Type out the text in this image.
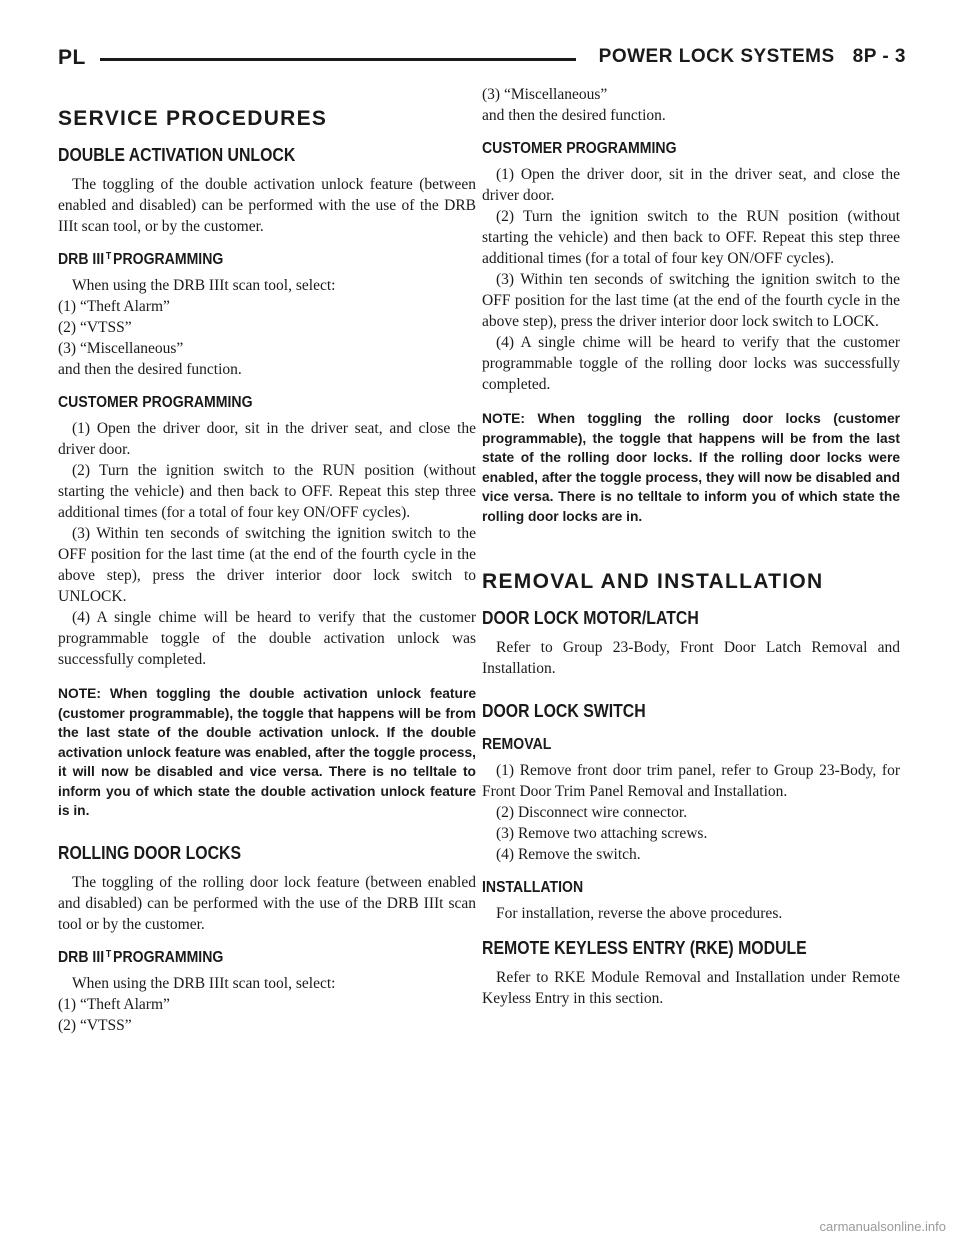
PL	POWER LOCK SYSTEMS 8P - 3
SERVICE PROCEDURES
DOUBLE ACTIVATION UNLOCK

The toggling of the double activation unlock feature (between enabled and disabled) can be performed with the use of the DRB IIIt scan tool, or by the customer.

DRB III $^T$ PROGRAMMING

When using the DRB IIIt scan tool, select:

(1) “Theft Alarm”

(2) “VTSS”

(3) “Miscellaneous”

and then the desired function.

CUSTOMER PROGRAMMING

(1) Open the driver door, sit in the driver seat, and close the driver door.

(2) Turn the ignition switch to the RUN position (without starting the vehicle) and then back to OFF. Repeat this step three additional times (for a total of four key ON/OFF cycles).

(3) Within ten seconds of switching the ignition switch to the OFF position for the last time (at the end of the fourth cycle in the above step), press the driver interior door lock switch to UNLOCK.

(4) A single chime will be heard to verify that the customer programmable toggle of the double activation unlock was successfully completed.

NOTE: When toggling the double activation unlock feature (customer programmable), the toggle that happens will be from the last state of the double activation unlock. If the double activation unlock feature was enabled, after the toggle process, it will now be disabled and vice versa. There is no telltale to inform you of which state the double activation unlock feature is in.

ROLLING DOOR LOCKS

The toggling of the rolling door lock feature (between enabled and disabled) can be performed with the use of the DRB IIIt scan tool or by the customer.

DRB III $^T$ PROGRAMMING

When using the DRB IIIt scan tool, select:

(1) “Theft Alarm”

(2) “VTSS”

(3) “Miscellaneous”

and then the desired function.

CUSTOMER PROGRAMMING

(1) Open the driver door, sit in the driver seat, and close the driver door.

(2) Turn the ignition switch to the RUN position (without starting the vehicle) and then back to OFF. Repeat this step three additional times (for a total of four key ON/OFF cycles).

(3) Within ten seconds of switching the ignition switch to the OFF position for the last time (at the end of the fourth cycle in the above step), press the driver interior door lock switch to LOCK.

(4) A single chime will be heard to verify that the customer programmable toggle of the rolling door locks was successfully completed.

NOTE: When toggling the rolling door locks (customer programmable), the toggle that happens will be from the last state of the rolling door locks. If the rolling door locks were enabled, after the toggle process, they will now be disabled and vice versa. There is no telltale to inform you of which state the rolling door locks are in.

REMOVAL AND INSTALLATION
DOOR LOCK MOTOR/LATCH

Refer to Group 23-Body, Front Door Latch Removal and Installation.

DOOR LOCK SWITCH
REMOVAL

(1) Remove front door trim panel, refer to Group 23-Body, for Front Door Trim Panel Removal and Installation.

(2) Disconnect wire connector.

(3) Remove two attaching screws.

(4) Remove the switch.

INSTALLATION

For installation, reverse the above procedures.

REMOTE KEYLESS ENTRY (RKE) MODULE

Refer to RKE Module Removal and Installation under Remote Keyless Entry in this section.

carmanualsonline.info
